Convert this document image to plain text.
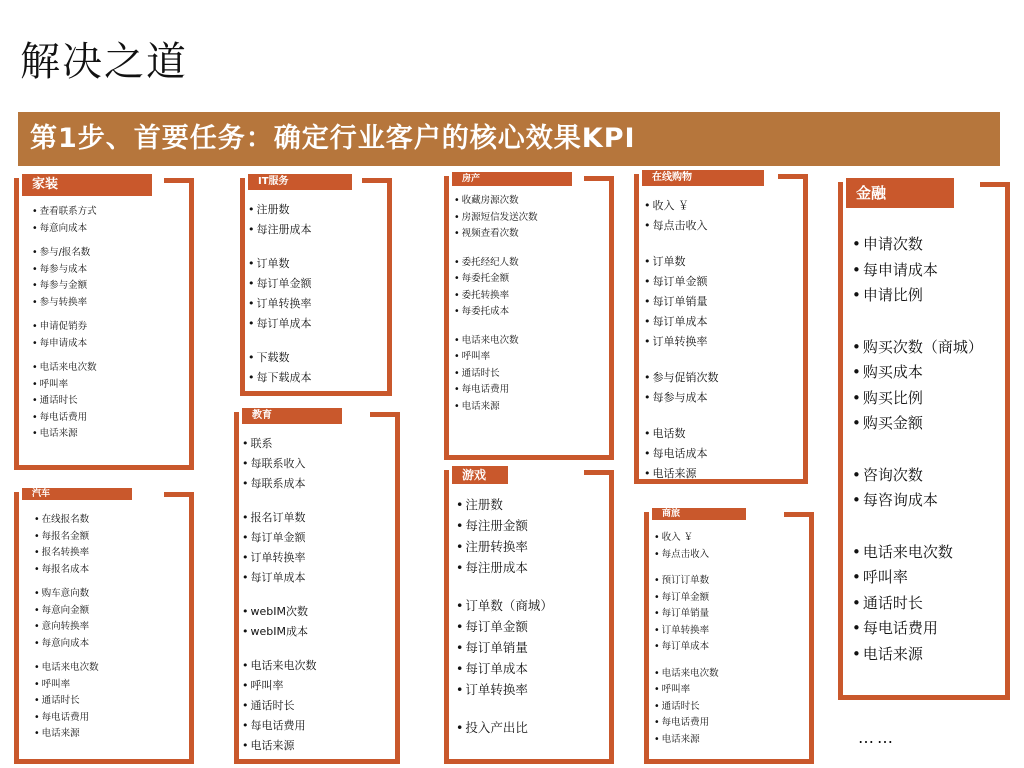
解决之道
第1步、首要任务：确定行业客户的核心效果KPI
家装
• 查看联系方式
• 每意向成本
• 参与/报名数
• 每参与成本
• 每参与金额
• 参与转换率
• 申请促销券
• 每申请成本
• 电话来电次数
• 呼叫率
• 通话时长
• 每电话费用
• 电话来源
汽车
• 在线报名数
• 每报名金额
• 报名转换率
• 每报名成本
• 购车意向数
• 每意向金额
• 意向转换率
• 每意向成本
• 电话来电次数
• 呼叫率
• 通话时长
• 每电话费用
• 电话来源
IT服务
• 注册数
• 每注册成本
• 订单数
• 每订单金额
• 订单转换率
• 每订单成本
• 下载数
• 每下载成本
教育
• 联系
• 每联系收入
• 每联系成本
• 报名订单数
• 每订单金额
• 订单转换率
• 每订单成本
• webIM次数
• webIM成本
• 电话来电次数
• 呼叫率
• 通话时长
• 每电话费用
• 电话来源
房产
• 收藏房源次数
• 房源短信发送次数
• 视频查看次数
• 委托经纪人数
• 每委托金额
• 委托转换率
• 每委托成本
• 电话来电次数
• 呼叫率
• 通话时长
• 每电话费用
• 电话来源
游戏
• 注册数
• 每注册金额
• 注册转换率
• 每注册成本
• 订单数（商城）
• 每订单金额
• 每订单销量
• 每订单成本
• 订单转换率
• 投入产出比
在线购物
• 收入 ￥
• 每点击收入
• 订单数
• 每订单金额
• 每订单销量
• 每订单成本
• 订单转换率
• 参与促销次数
• 每参与成本
• 电话数
• 每电话成本
• 电话来源
商旅
• 收入 ￥
• 每点击收入
• 预订订单数
• 每订单金额
• 每订单销量
• 订单转换率
• 每订单成本
• 电话来电次数
• 呼叫率
• 通话时长
• 每电话费用
• 电话来源
金融
• 申请次数
• 每申请成本
• 申请比例
• 购买次数（商城）
• 购买成本
• 购买比例
• 购买金额
• 咨询次数
• 每咨询成本
• 电话来电次数
• 呼叫率
• 通话时长
• 每电话费用
• 电话来源
……
